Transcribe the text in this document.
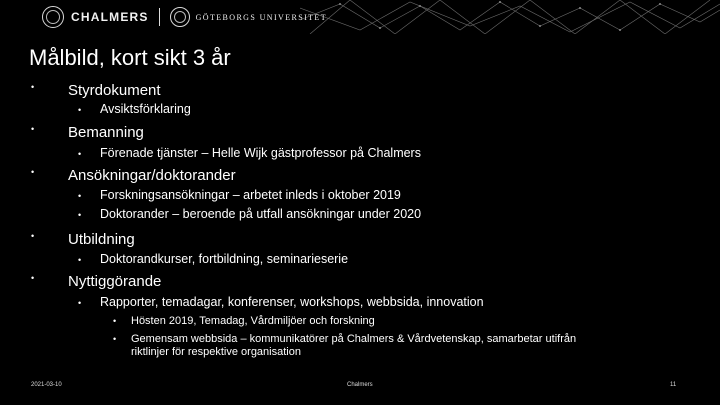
CHALMERS	GÖTEBORGS UNIVERSITET
Målbild, kort sikt 3 år
• Styrdokument
• Avsiktsförklaring
• Bemanning
• Förenade tjänster – Helle Wijk gästprofessor på Chalmers
• Ansökningar/doktorander
• Forskningsansökningar – arbetet inleds i oktober 2019
• Doktorander – beroende på utfall ansökningar under 2020
• Utbildning
• Doktorandkurser, fortbildning, seminarieserie
• Nyttiggörande
• Rapporter, temadagar, konferenser, workshops, webbsida, innovation
• Hösten 2019, Temadag, Vårdmiljöer och forskning
• Gemensam webbsida – kommunikatörer på Chalmers & Vårdvetenskap, samarbetar utifrån
riktlinjer för respektive organisation
2021-03-10	Chalmers	11
